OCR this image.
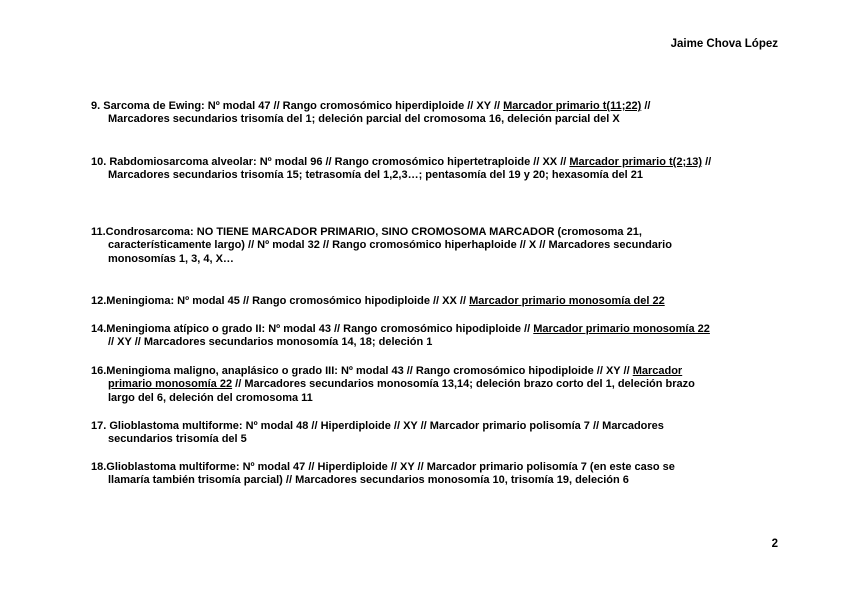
Jaime Chova López
9. Sarcoma de Ewing: Nº modal 47 // Rango cromosómico hiperdiploide // XY // Marcador primario t(11;22) //
Marcadores secundarios trisomía del 1; deleción parcial del cromosoma 16, deleción parcial del X
10. Rabdomiosarcoma alveolar: Nº modal 96 // Rango cromosómico hipertetraploide // XX // Marcador primario t(2;13) //
Marcadores secundarios trisomía 15; tetrasomía del 1,2,3…; pentasomía del 19 y 20; hexasomía del 21
11.Condrosarcoma: NO TIENE MARCADOR PRIMARIO, SINO CROMOSOMA MARCADOR (cromosoma 21,
característicamente largo) // Nº modal 32 // Rango cromosómico hiperhaploide // X // Marcadores secundario
monosomías 1, 3, 4, X…
12.Meningioma: Nº modal 45 // Rango cromosómico hipodiploide // XX // Marcador primario monosomía del 22
14.Meningioma atípico o grado II: Nº modal 43 // Rango cromosómico hipodiploide // Marcador primario monosomía 22
// XY // Marcadores secundarios monosomía 14, 18; deleción 1
16.Meningioma maligno, anaplásico o grado III: Nº modal 43 // Rango cromosómico hipodiploide // XY // Marcador
primario monosomía 22 // Marcadores secundarios monosomía 13,14; deleción brazo corto del 1, deleción brazo
largo del 6, deleción del cromosoma 11
17. Glioblastoma multiforme: Nº modal 48 // Hiperdiploide // XY // Marcador primario polisomía 7 // Marcadores
secundarios trisomía del 5
18.Glioblastoma multiforme: Nº modal 47 // Hiperdiploide // XY // Marcador primario polisomía 7 (en este caso se
llamaría también trisomía parcial) // Marcadores secundarios monosomía 10, trisomía 19, deleción 6
2
